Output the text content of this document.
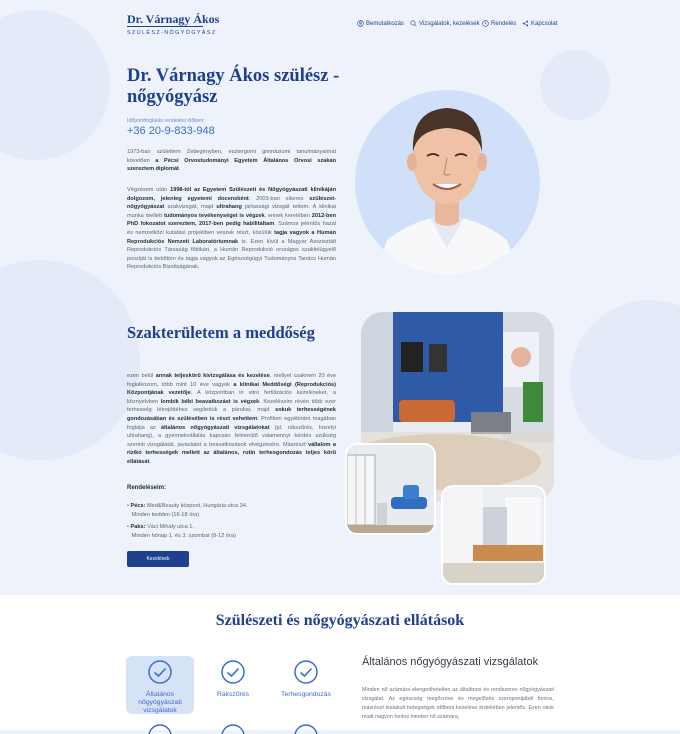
Dr. Várnagy Ákos
SZÜLÉSZ-NŐGYÓGYÁSZ
Bemutatkozás Vizsgálatok, kezelések Rendelés Kapcsolat
Dr. Várnagy Ákos szülész - nőgyógyász
Időpontfoglalás rendelési időben:
+36 20-9-833-948
1973-ban születtem Zebegényben, esztergomi gimnáziumi tanulmányaimat követően a Pécsi Orvostudományi Egyetem Általános Orvosi szakán szereztem diplomát.
Végzésem után 1998-tól az Egyetem Szülészeti és Nőgyógyászati klinikáján dolgozom, jelenleg egyetemi docensként. 2003-ban sikeres szülészet-nőgyógyászat szakvizsgát, majd ultrahang jártassági vizsgát tettem. A klinikai munka mellett tudományos tevékenységet is végzek, ennek keretében 2012-ben PhD fokozatot szereztem, 2017-ben pedig habilitáltam. Számos jelentős hazai és nemzetközi kutatási projektben veszek részt, közülük tagja vagyok a Humán Reprodukciós Nemzeti Laboratóriumnak is. Ezen kívül a Magyar Asszisztált Reprodukciós Társaság főtitkári, a Humán Reprodukció országos szakfelügyelő posztját is betöltöm és tagja vagyok az Egészségügyi Tudományos Tanács Humán Reprodukciós Bizottságának.
Szakterületem a meddőség
ezen belül annak teljeskörű kivizsgálása és kezelése, mellyel csaknem 20 éve foglalkozom, több mint 10 éve vagyok a klinikai Meddőségi (Reprodukciós) Központjának vezetője. A központban in vitro fertilizációs kezeléseket, a köznyelvben lombik bébi beavatkozást is végzek. Kezeléseim révén több ezer terhesség létrejöttéhez segítettük a párokat, majd sokuk terhességének gondozásában és szülésében is részt vehettem. Profilom egyébiránt magában foglalja az általános nőgyógyászati vizsgálatokat (pl. rákszűrés, hüvelyi ultrahang), a gyermekvállalás kapcsán felmerülő valamennyi kérdés szükség szerinti vizsgálatát, javaslatot a beavatkozások elvégzésére. Másrészt vállalom a rizikó terhességek mellett az általános, rutin terhesgondozás teljes körű ellátását.
Rendeléseim:
• Pécs: Med&Beauty központ, Hungária utca 34.
Minden kedden (16-18 óra)
• Paks: Váci Mihály utca 1.
Minden hónap 1. és 3. szombat (8-12 óra)
Kezelések
Szülészeti és nőgyógyászati ellátások
Általános nőgyógyászati vizsgálatok
Rákszűrés	Terhesgondozás
Általános nőgyógyászati vizsgálatok
Minden nő számára elengedhetetlen az általános és rendszeres nőgyógyászati vizsgálat. Az egészség megőrzése és megelőzés szempontjából fontos, másrészt kialakult betegségek időbeni kezelése érdekében jelentős. Ezen okok miatt nagyon fontos minden nő számára,
